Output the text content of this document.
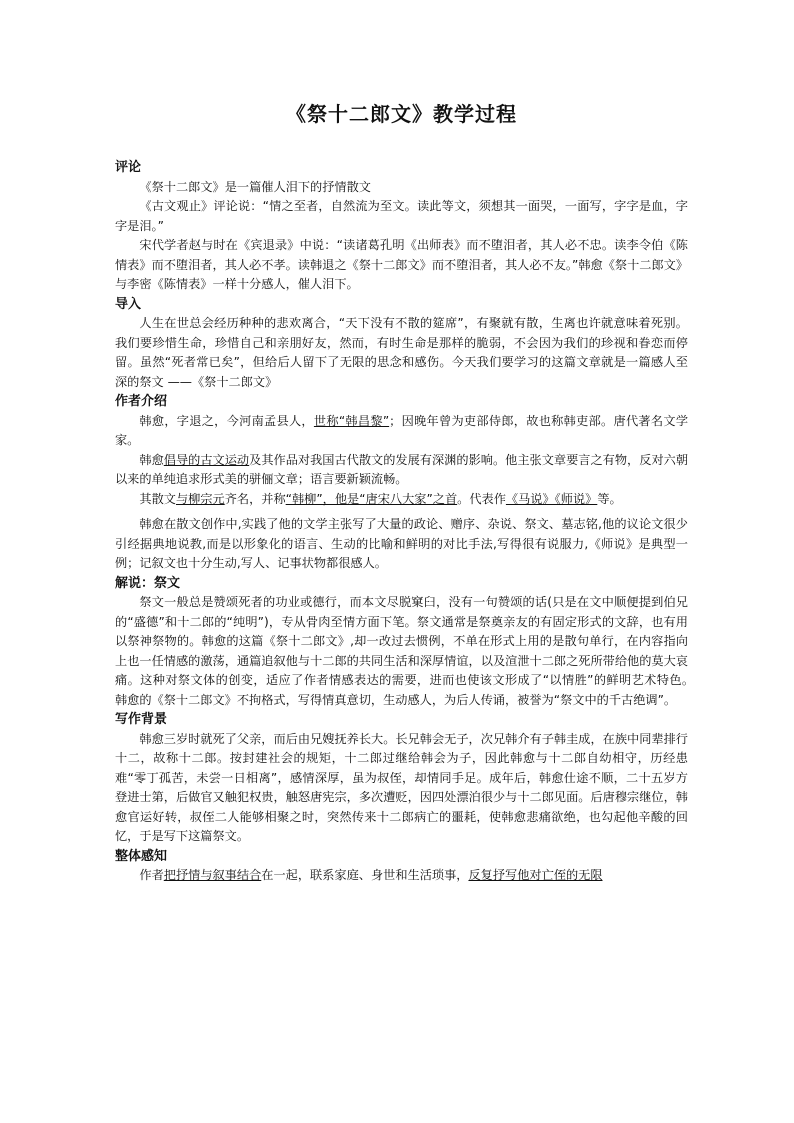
《祭十二郎文》教学过程
评论

《祭十二郎文》是一篇催人泪下的抒情散文

《古文观止》评论说：“情之至者，自然流为至文。读此等文，须想其一面哭，一面写，字字是血，字字是泪。”

宋代学者赵与时在《宾退录》中说：“读诸葛孔明《出师表》而不堕泪者，其人必不忠。读李令伯《陈情表》而不堕泪者，其人必不孝。读韩退之《祭十二郎文》而不堕泪者，其人必不友。”韩愈《祭十二郎文》与李密《陈情表》一样十分感人，催人泪下。

导入

人生在世总会经历种种的悲欢离合，“天下没有不散的筵席”，有聚就有散，生离也许就意味着死别。我们要珍惜生命，珍惜自己和亲朋好友，然而，有时生命是那样的脆弱，不会因为我们的珍视和眷恋而停留。虽然“死者常已矣”，但给后人留下了无限的思念和感伤。今天我们要学习的这篇文章就是一篇感人至深的祭文 ——《祭十二郎文》

作者介绍

韩愈，字退之，今河南孟县人，世称“韩昌黎”；因晚年曾为吏部侍郎，故也称韩吏部。唐代著名文学家。

韩愈倡导的古文运动及其作品对我国古代散文的发展有深渊的影响。他主张文章要言之有物，反对六朝以来的单纯追求形式美的骈俪文章；语言要新颖流畅。

其散文与柳宗元齐名，并称“韩柳”，他是“唐宋八大家”之首。代表作《马说》《师说》等。

韩愈在散文创作中,实践了他的文学主张写了大量的政论、赠序、杂说、祭文、墓志铭,他的议论文很少引经据典地说教,而是以形象化的语言、生动的比喻和鲜明的对比手法,写得很有说服力,《师说》是典型一例；记叙文也十分生动,写人、记事状物都很感人。

解说：祭文

祭文一般总是赞颂死者的功业或德行，而本文尽脱窠臼，没有一句赞颂的话(只是在文中顺便提到伯兄的“盛德”和十二郎的“纯明”)，专从骨肉至情方面下笔。祭文通常是祭奠亲友的有固定形式的文辞，也有用以祭神祭物的。韩愈的这篇《祭十二郎文》,却一改过去惯例，不单在形式上用的是散句单行，在内容指向上也一任情感的激荡，通篇追叙他与十二郎的共同生活和深厚情谊，以及渲泄十二郎之死所带给他的莫大哀痛。这种对祭文体的创变，适应了作者情感表达的需要，进而也使该文形成了“以情胜”的鲜明艺术特色。　　韩愈的《祭十二郎文》不拘格式，写得情真意切，生动感人，为后人传诵，被誉为“祭文中的千古绝调”。

写作背景

韩愈三岁时就死了父亲，而后由兄嫂抚养长大。长兄韩会无子，次兄韩介有子韩圭成，在族中同辈排行十二，故称十二郎。按封建社会的规矩，十二郎过继给韩会为子，因此韩愈与十二郎自幼相守，历经患难“零丁孤苦，未尝一日相离”，感情深厚，虽为叔侄，却情同手足。成年后，韩愈仕途不顺，二十五岁方登进士第，后做官又触犯权贵，触怒唐宪宗，多次遭贬，因四处漂泊很少与十二郎见面。后唐穆宗继位，韩愈官运好转，叔侄二人能够相聚之时，突然传来十二郎病亡的噩耗，使韩愈悲痛欲绝，也勾起他辛酸的回忆，于是写下这篇祭文。

整体感知

作者把抒情与叙事结合在一起，联系家庭、身世和生活琐事，反复抒写他对亡侄的无限
